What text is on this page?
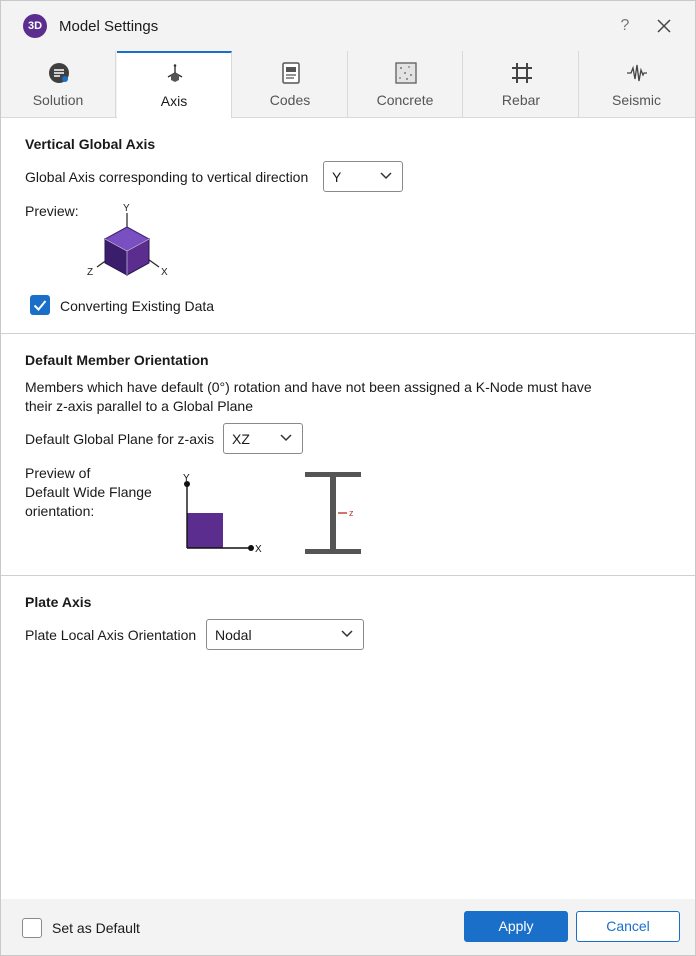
3D	Model Settings	?
Solution	Axis	Codes	Concrete	Rebar	Seismic
Vertical Global Axis
Global Axis corresponding to vertical direction Y
Preview:	Y
Z	X
Converting Existing Data
Default Member Orientation
Members which have default (0°) rotation and have not been assigned a K-Node must have
their z-axis parallel to a Global Plane
Default Global Plane for z-axis XZ
Preview of
Default Wide Flange
orientation:
Y
X
z
Plate Axis
Plate Local Axis Orientation Nodal
Set as Default	Apply	Cancel
